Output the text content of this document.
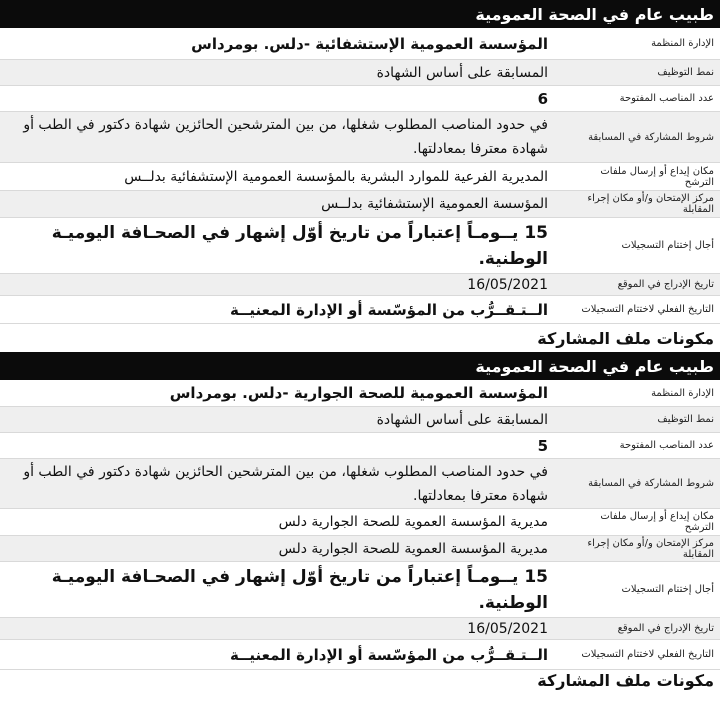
طبيب عام في الصحة العمومية
الإدارة المنظمة
المؤسسة العمومية الإستشفائية -دلس. بومرداس
نمط التوظيف
المسابقة على أساس الشهادة
عدد المناصب المفتوحة
6
شروط المشاركة في المسابقة
في حدود المناصب المطلوب شغلها، من بين المترشحين الحائزين شهادة دكتور في الطب أو شهادة معترفا بمعادلتها.
مكان إيداع أو إرسال ملفات الترشح
المديرية الفرعية للموارد البشرية بالمؤسسة العمومية الإستشفائية بدلــس
مركز الإمتحان و/أو مكان إجراء المقابلة
المؤسسة العمومية الإستشفائية بدلــس
أجال إختتام التسجيلات
15 يــومـاً إعتباراً من تاريخ أوّل إشهار في الصحـافة اليوميـة الوطنية.
تاريخ الإدراج في الموقع
16/05/2021
التاريخ الفعلي لاختتام التسجيلات
الــتـقــرُّب من المؤسّسة أو الإدارة المعنيــة
مكونات ملف المشاركة
طبيب عام في الصحة العمومية
الإدارة المنظمة
المؤسسة العمومية للصحة الجوارية -دلس. بومرداس
نمط التوظيف
المسابقة على أساس الشهادة
عدد المناصب المفتوحة
5
شروط المشاركة في المسابقة
في حدود المناصب المطلوب شغلها، من بين المترشحين الحائزين شهادة دكتور في الطب أو شهادة معترفا بمعادلتها.
مكان إيداع أو إرسال ملفات الترشح
مديرية المؤسسة العموية للصحة الجوارية دلس
مركز الإمتحان و/أو مكان إجراء المقابلة
مديرية المؤسسة العموية للصحة الجوارية دلس
أجال إختتام التسجيلات
15 يــومـاً إعتباراً من تاريخ أوّل إشهار في الصحـافة اليوميـة الوطنية.
تاريخ الإدراج في الموقع
16/05/2021
التاريخ الفعلي لاختتام التسجيلات
الــتـقــرُّب من المؤسّسة أو الإدارة المعنيــة
مكونات ملف المشاركة
